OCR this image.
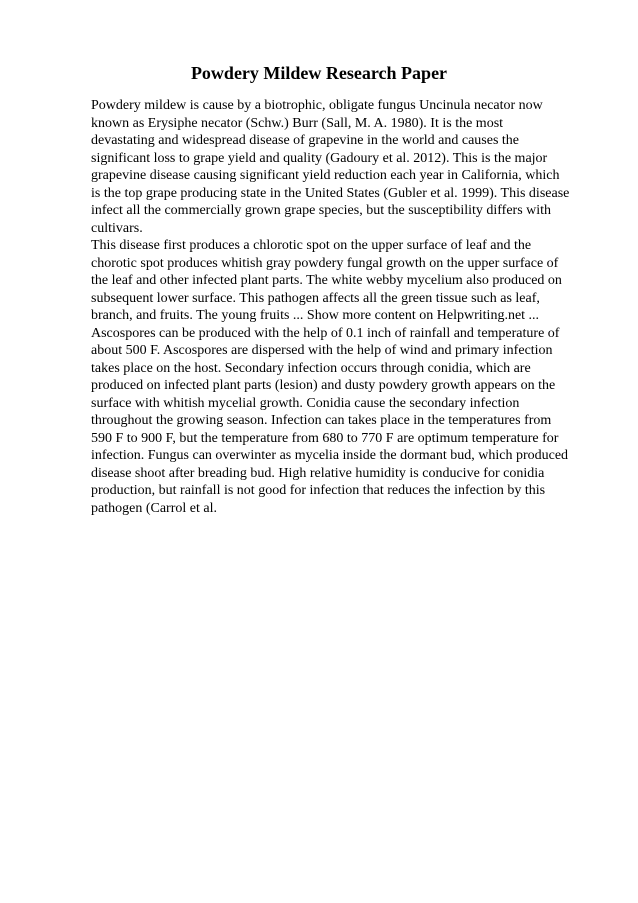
Powdery Mildew Research Paper
Powdery mildew is cause by a biotrophic, obligate fungus Uncinula necator now
known as Erysiphe necator (Schw.) Burr (Sall, M. A. 1980). It is the most
devastating and widespread disease of grapevine in the world and causes the
significant loss to grape yield and quality (Gadoury et al. 2012). This is the major
grapevine disease causing significant yield reduction each year in California, which
is the top grape producing state in the United States (Gubler et al. 1999). This disease
infect all the commercially grown grape species, but the susceptibility differs with
cultivars.
This disease first produces a chlorotic spot on the upper surface of leaf and the
chorotic spot produces whitish gray powdery fungal growth on the upper surface of
the leaf and other infected plant parts. The white webby mycelium also produced on
subsequent lower surface. This pathogen affects all the green tissue such as leaf,
branch, and fruits. The young fruits ... Show more content on Helpwriting.net ...
Ascospores can be produced with the help of 0.1 inch of rainfall and temperature of
about 500 F. Ascospores are dispersed with the help of wind and primary infection
takes place on the host. Secondary infection occurs through conidia, which are
produced on infected plant parts (lesion) and dusty powdery growth appears on the
surface with whitish mycelial growth. Conidia cause the secondary infection
throughout the growing season. Infection can takes place in the temperatures from
590 F to 900 F, but the temperature from 680 to 770 F are optimum temperature for
infection. Fungus can overwinter as mycelia inside the dormant bud, which produced
disease shoot after breading bud. High relative humidity is conducive for conidia
production, but rainfall is not good for infection that reduces the infection by this
pathogen (Carrol et al.
